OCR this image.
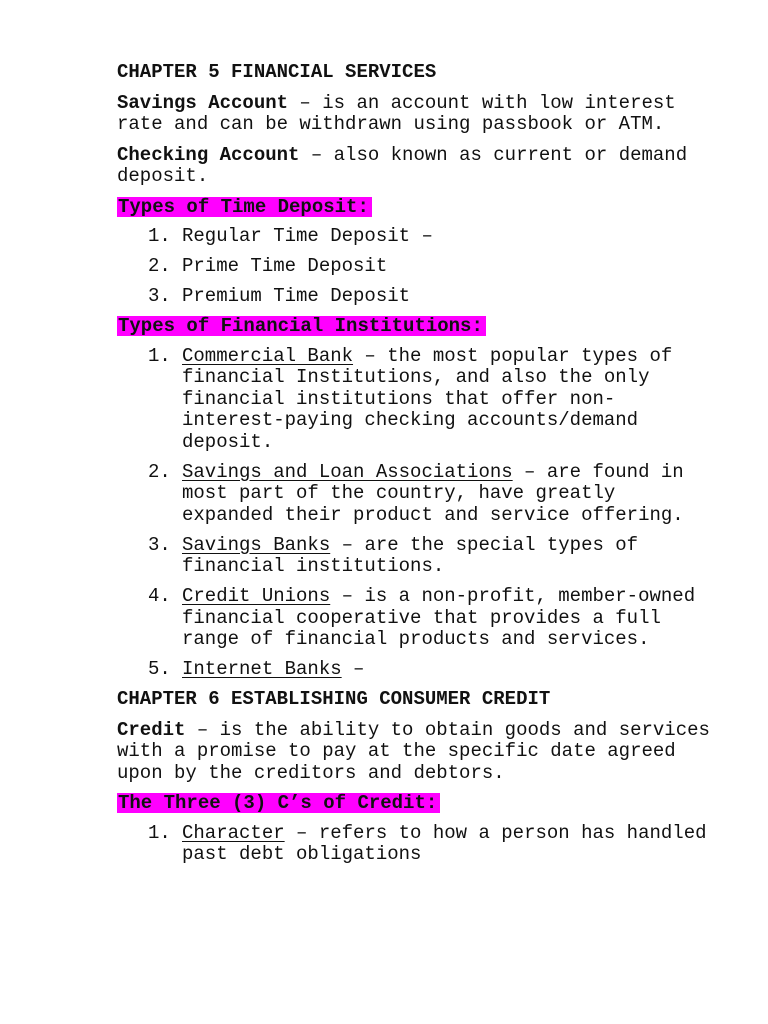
CHAPTER 5 FINANCIAL SERVICES
Savings Account – is an account with low interest rate and can be withdrawn using passbook or ATM.
Checking Account – also known as current or demand deposit.
Types of Time Deposit:
1. Regular Time Deposit –
2. Prime Time Deposit
3. Premium Time Deposit
Types of Financial Institutions:
1. Commercial Bank – the most popular types of financial Institutions, and also the only financial institutions that offer non-interest-paying checking accounts/demand deposit.
2. Savings and Loan Associations – are found in most part of the country, have greatly expanded their product and service offering.
3. Savings Banks – are the special types of financial institutions.
4. Credit Unions – is a non-profit, member-owned financial cooperative that provides a full range of financial products and services.
5. Internet Banks –
CHAPTER 6 ESTABLISHING CONSUMER CREDIT
Credit – is the ability to obtain goods and services with a promise to pay at the specific date agreed upon by the creditors and debtors.
The Three (3) C’s of Credit:
1. Character – refers to how a person has handled past debt obligations
